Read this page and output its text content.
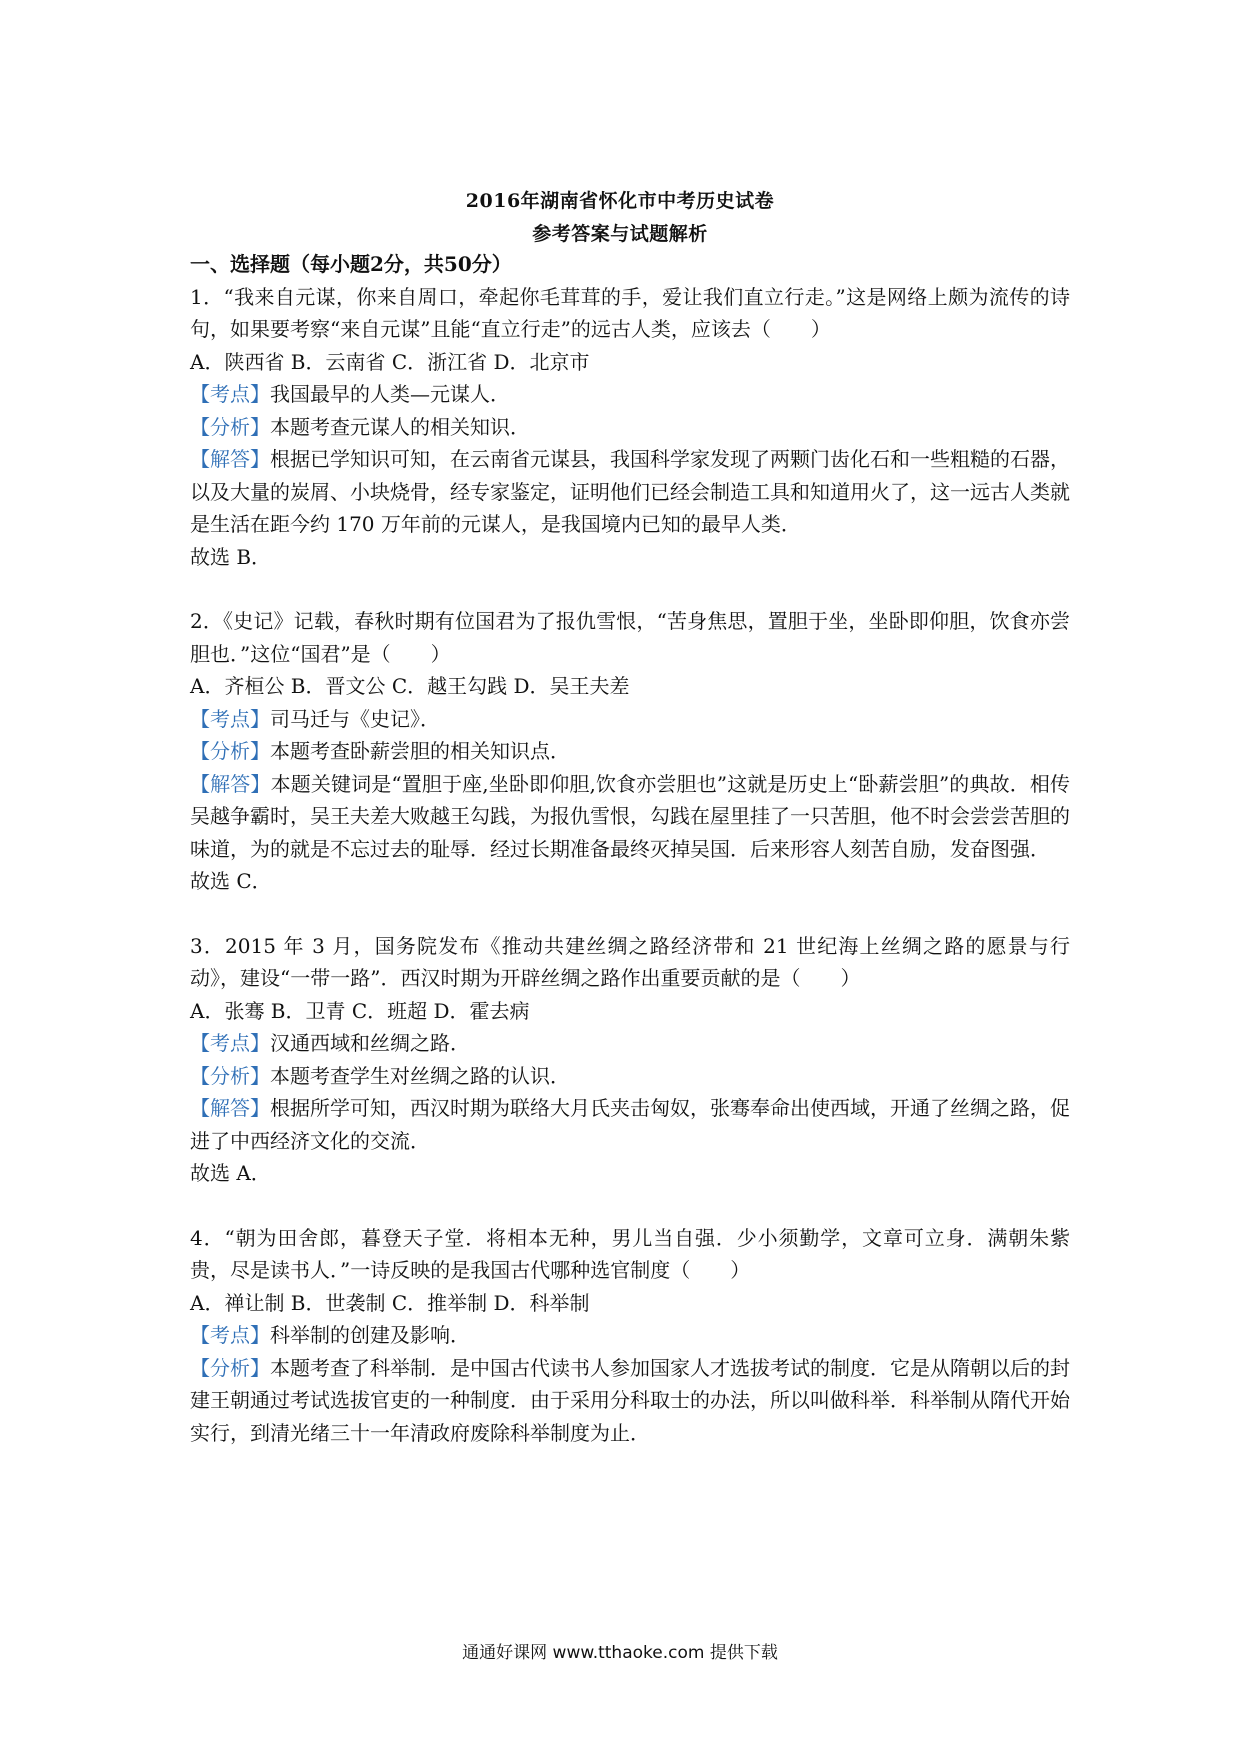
2016年湖南省怀化市中考历史试卷
参考答案与试题解析
一、选择题（每小题2分，共50分）
1．“我来自元谋，你来自周口，牵起你毛茸茸的手，爱让我们直立行走。”这是网络上颇为流传的诗句，如果要考察“来自元谋”且能“直立行走”的远古人类，应该去（　　）
A．陕西省 B．云南省 C．浙江省 D．北京市
【考点】我国最早的人类—元谋人．
【分析】本题考查元谋人的相关知识．
【解答】根据已学知识可知，在云南省元谋县，我国科学家发现了两颗门齿化石和一些粗糙的石器，以及大量的炭屑、小块烧骨，经专家鉴定，证明他们已经会制造工具和知道用火了，这一远古人类就是生活在距今约 170 万年前的元谋人，是我国境内已知的最早人类．
故选 B．
2．《史记》记载，春秋时期有位国君为了报仇雪恨，“苦身焦思，置胆于坐，坐卧即仰胆，饮食亦尝胆也．”这位“国君”是（　　）
A．齐桓公 B．晋文公 C．越王勾践 D．吴王夫差
【考点】司马迁与《史记》．
【分析】本题考查卧薪尝胆的相关知识点．
【解答】本题关键词是“置胆于座,坐卧即仰胆,饮食亦尝胆也”这就是历史上“卧薪尝胆”的典故．相传吴越争霸时，吴王夫差大败越王勾践，为报仇雪恨，勾践在屋里挂了一只苦胆，他不时会尝尝苦胆的味道，为的就是不忘过去的耻辱．经过长期准备最终灭掉吴国．后来形容人刻苦自励，发奋图强．
故选 C．
3．2015 年 3 月，国务院发布《推动共建丝绸之路经济带和 21 世纪海上丝绸之路的愿景与行动》，建设“一带一路”．西汉时期为开辟丝绸之路作出重要贡献的是（　　）
A．张骞 B．卫青 C．班超 D．霍去病
【考点】汉通西域和丝绸之路．
【分析】本题考查学生对丝绸之路的认识．
【解答】根据所学可知，西汉时期为联络大月氏夹击匈奴，张骞奉命出使西域，开通了丝绸之路，促进了中西经济文化的交流．
故选 A．
4．“朝为田舍郎，暮登天子堂．将相本无种，男儿当自强．少小须勤学，文章可立身．满朝朱紫贵，尽是读书人．”一诗反映的是我国古代哪种选官制度（　　）
A．禅让制 B．世袭制 C．推举制 D．科举制
【考点】科举制的创建及影响．
【分析】本题考查了科举制．是中国古代读书人参加国家人才选拔考试的制度．它是从隋朝以后的封建王朝通过考试选拔官吏的一种制度．由于采用分科取士的办法，所以叫做科举．科举制从隋代开始实行，到清光绪三十一年清政府废除科举制度为止．
通通好课网 www.tthaoke.com 提供下载
